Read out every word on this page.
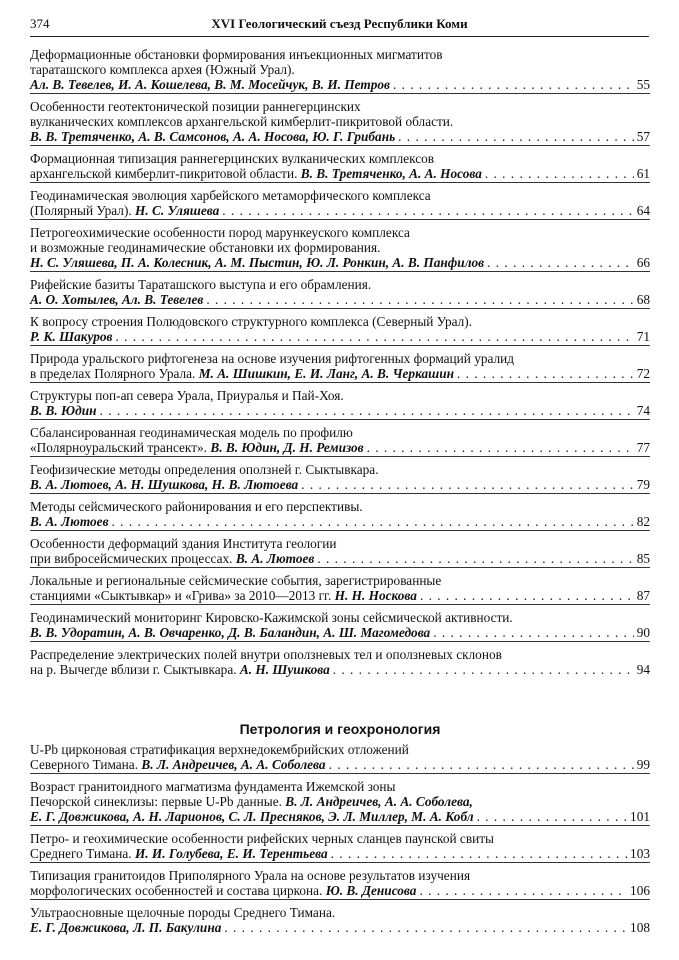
374	XVI Геологический съезд Республики Коми
Деформационные обстановки формирования инъекционных мигматитов
тараташского комплекса архея (Южный Урал).
Ал. В. Тевелев, И. А. Кошелева, В. М. Мосейчук, В. И. Петров . . .	55
Особенности геотектонической позиции раннегерцинских
вулканических комплексов архангельской кимберлит-пикритовой области.
В. В. Третяченко, А. В. Самсонов, А. А. Носова, Ю. Г. Грибань . . .	57
Формационная типизация раннегерцинских вулканических комплексов
архангельской кимберлит-пикритовой области. В. В. Третяченко, А. А. Носова . . .	61
Геодинамическая эволюция харбейского метаморфического комплекса
(Полярный Урал). Н. С. Уляшева . . .	64
Петрогеохимические особенности пород марункеуского комплекса
и возможные геодинамические обстановки их формирования.
Н. С. Уляшева, П. А. Колесник, А. М. Пыстин, Ю. Л. Ронкин, А. В. Панфилов . . .	66
Рифейские базиты Тараташского выступа и его обрамления.
А. О. Хотылев, Ал. В. Тевелев . . .	68
К вопросу строения Полюдовского структурного комплекса (Северный Урал).
Р. К. Шакуров . . .	71
Природа уральского рифтогенеза на основе изучения рифтогенных формаций уралид
в пределах Полярного Урала. М. А. Шишкин, Е. И. Ланг, А. В. Черкашин . . .	72
Структуры поп-ап севера Урала, Приуралья и Пай-Хоя.
В. В. Юдин . . .	74
Сбалансированная геодинамическая модель по профилю
«Полярноуральский трансект». В. В. Юдин, Д. Н. Ремизов . . .	77
Геофизические методы определения оползней г. Сыктывкара.
В. А. Лютоев, А. Н. Шушкова, Н. В. Лютоева . . .	79
Методы сейсмического районирования и его перспективы.
В. А. Лютоев . . .	82
Особенности деформаций здания Института геологии
при вибросейсмических процессах. В. А. Лютоев . . .	85
Локальные и региональные сейсмические события, зарегистрированные
станциями «Сыктывкар» и «Грива» за 2010—2013 гг. Н. Н. Носкова . . .	87
Геодинамический мониторинг Кировско-Кажимской зоны сейсмической активности.
В. В. Удоратин, А. В. Овчаренко, Д. В. Баландин, А. Ш. Магомедова . . .	90
Распределение электрических полей внутри оползневых тел и оползневых склонов
на р. Вычегде вблизи г. Сыктывкара. А. Н. Шушкова . . .	94
Петрология и геохронология
U-Pb цирконовая стратификация верхнедокембрийских отложений
Северного Тимана. В. Л. Андреичев, А. А. Соболева . . .	99
Возраст гранитоидного магматизма фундамента Ижемской зоны
Печорской синеклизы: первые U-Pb данные. В. Л. Андреичев, А. А. Соболева,
Е. Г. Довжикова, А. Н. Ларионов, С. Л. Пресняков, Э. Л. Миллер, М. А. Кобл . . .	101
Петро- и геохимические особенности рифейских черных сланцев паунской свиты
Среднего Тимана. И. И. Голубева, Е. И. Терентьева . . .	103
Типизация гранитоидов Приполярного Урала на основе результатов изучения
морфологических особенностей и состава циркона. Ю. В. Денисова . . .	106
Ультраосновные щелочные породы Среднего Тимана.
Е. Г. Довжикова, Л. П. Бакулина . . .	108
